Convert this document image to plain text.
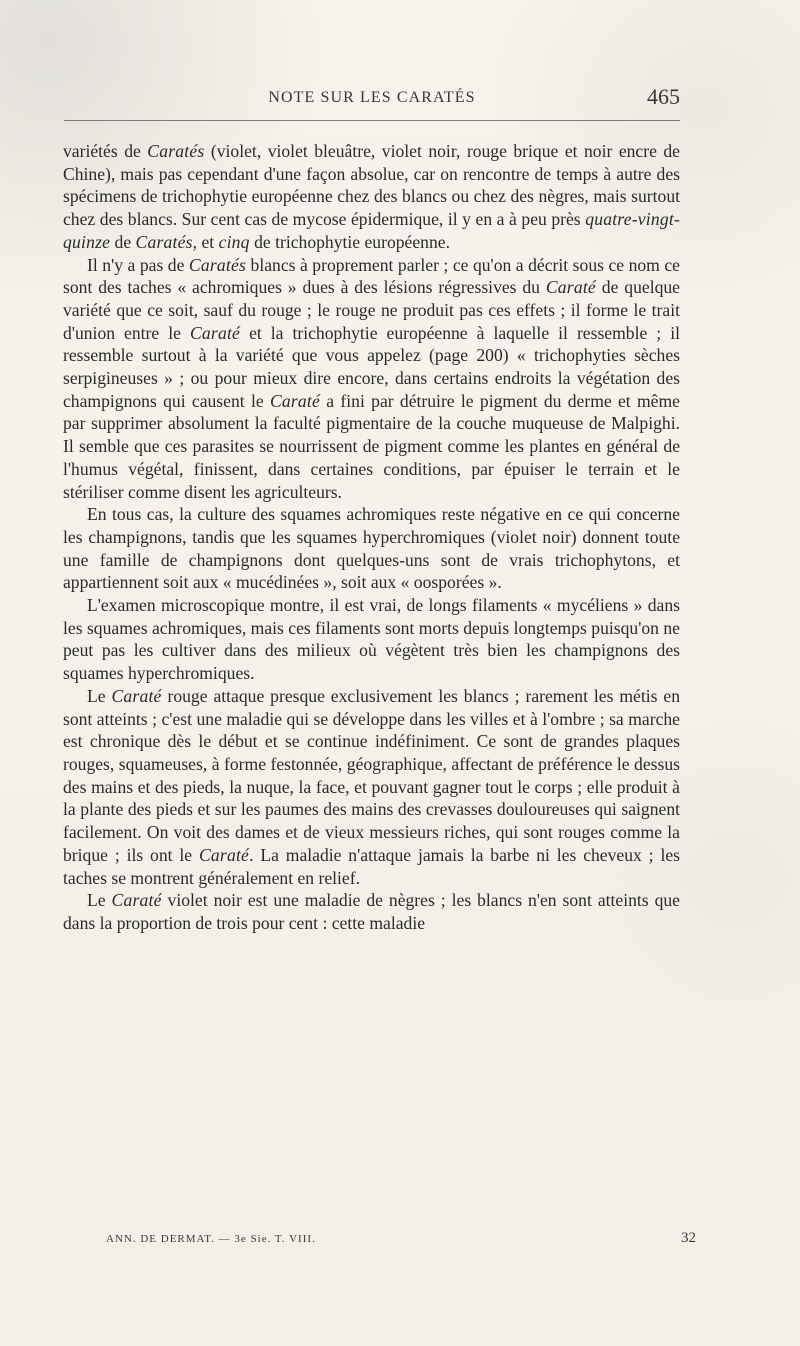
NOTE SUR LES CARATÉS	465

variétés de Caratés (violet, violet bleuâtre, violet noir, rouge brique et noir encre de Chine), mais pas cependant d'une façon absolue, car on rencontre de temps à autre des spécimens de trichophytie européenne chez des blancs ou chez des nègres, mais surtout chez des blancs. Sur cent cas de mycose épidermique, il y en a à peu près quatre-vingt-quinze de Caratés, et cinq de trichophytie européenne.

Il n'y a pas de Caratés blancs à proprement parler ; ce qu'on a décrit sous ce nom ce sont des taches « achromiques » dues à des lésions régressives du Caraté de quelque variété que ce soit, sauf du rouge ; le rouge ne produit pas ces effets ; il forme le trait d'union entre le Caraté et la trichophytie européenne à laquelle il ressemble ; il ressemble surtout à la variété que vous appelez (page 200) « trichophyties sèches serpigineuses » ; ou pour mieux dire encore, dans certains endroits la végétation des champignons qui causent le Caraté a fini par détruire le pigment du derme et même par supprimer absolument la faculté pigmentaire de la couche muqueuse de Malpighi. Il semble que ces parasites se nourrissent de pigment comme les plantes en général de l'humus végétal, finissent, dans certaines conditions, par épuiser le terrain et le stériliser comme disent les agriculteurs.

En tous cas, la culture des squames achromiques reste négative en ce qui concerne les champignons, tandis que les squames hyperchromiques (violet noir) donnent toute une famille de champignons dont quelques-uns sont de vrais trichophytons, et appartiennent soit aux « mucédinées », soit aux « oosporées ».

L'examen microscopique montre, il est vrai, de longs filaments « mycéliens » dans les squames achromiques, mais ces filaments sont morts depuis longtemps puisqu'on ne peut pas les cultiver dans des milieux où végètent très bien les champignons des squames hyperchromiques.

Le Caraté rouge attaque presque exclusivement les blancs ; rarement les métis en sont atteints ; c'est une maladie qui se développe dans les villes et à l'ombre ; sa marche est chronique dès le début et se continue indéfiniment. Ce sont de grandes plaques rouges, squameuses, à forme festonnée, géographique, affectant de préférence le dessus des mains et des pieds, la nuque, la face, et pouvant gagner tout le corps ; elle produit à la plante des pieds et sur les paumes des mains des crevasses douloureuses qui saignent facilement. On voit des dames et de vieux messieurs riches, qui sont rouges comme la brique ; ils ont le Caraté. La maladie n'attaque jamais la barbe ni les cheveux ; les taches se montrent généralement en relief.

Le Caraté violet noir est une maladie de nègres ; les blancs n'en sont atteints que dans la proportion de trois pour cent : cette maladie

ANN. DE DERMAT. — 3e Sie. T. VIII.	32
